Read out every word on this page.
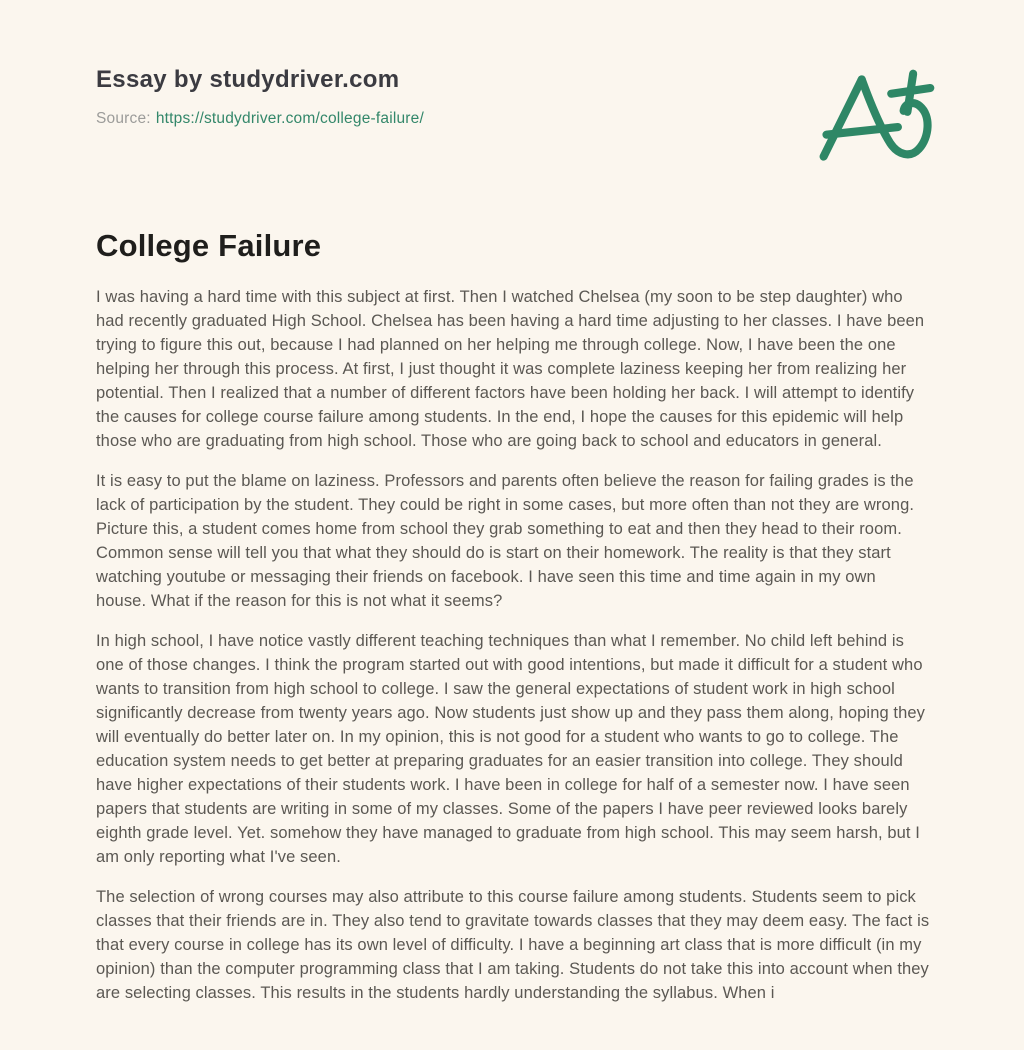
Essay by studydriver.com

Source: https://studydriver.com/college-failure/

College Failure

I was having a hard time with this subject at first. Then I watched Chelsea (my soon to be step daughter) who had recently graduated High School. Chelsea has been having a hard time adjusting to her classes. I have been trying to figure this out, because I had planned on her helping me through college. Now, I have been the one helping her through this process. At first, I just thought it was complete laziness keeping her from realizing her potential. Then I realized that a number of different factors have been holding her back. I will attempt to identify the causes for college course failure among students. In the end, I hope the causes for this epidemic will help those who are graduating from high school. Those who are going back to school and educators in general.

It is easy to put the blame on laziness. Professors and parents often believe the reason for failing grades is the lack of participation by the student. They could be right in some cases, but more often than not they are wrong. Picture this, a student comes home from school they grab something to eat and then they head to their room. Common sense will tell you that what they should do is start on their homework. The reality is that they start watching youtube or messaging their friends on facebook. I have seen this time and time again in my own house. What if the reason for this is not what it seems?

In high school, I have notice vastly different teaching techniques than what I remember. No child left behind is one of those changes. I think the program started out with good intentions, but made it difficult for a student who wants to transition from high school to college. I saw the general expectations of student work in high school significantly decrease from twenty years ago. Now students just show up and they pass them along, hoping they will eventually do better later on. In my opinion, this is not good for a student who wants to go to college. The education system needs to get better at preparing graduates for an easier transition into college. They should have higher expectations of their students work. I have been in college for half of a semester now. I have seen papers that students are writing in some of my classes. Some of the papers I have peer reviewed looks barely eighth grade level. Yet. somehow they have managed to graduate from high school. This may seem harsh, but I am only reporting what I've seen.

The selection of wrong courses may also attribute to this course failure among students. Students seem to pick classes that their friends are in. They also tend to gravitate towards classes that they may deem easy. The fact is that every course in college has its own level of difficulty. I have a beginning art class that is more difficult (in my opinion) than the computer programming class that I am taking. Students do not take this into account when they are selecting classes. This results in the students hardly understanding the syllabus. When i
